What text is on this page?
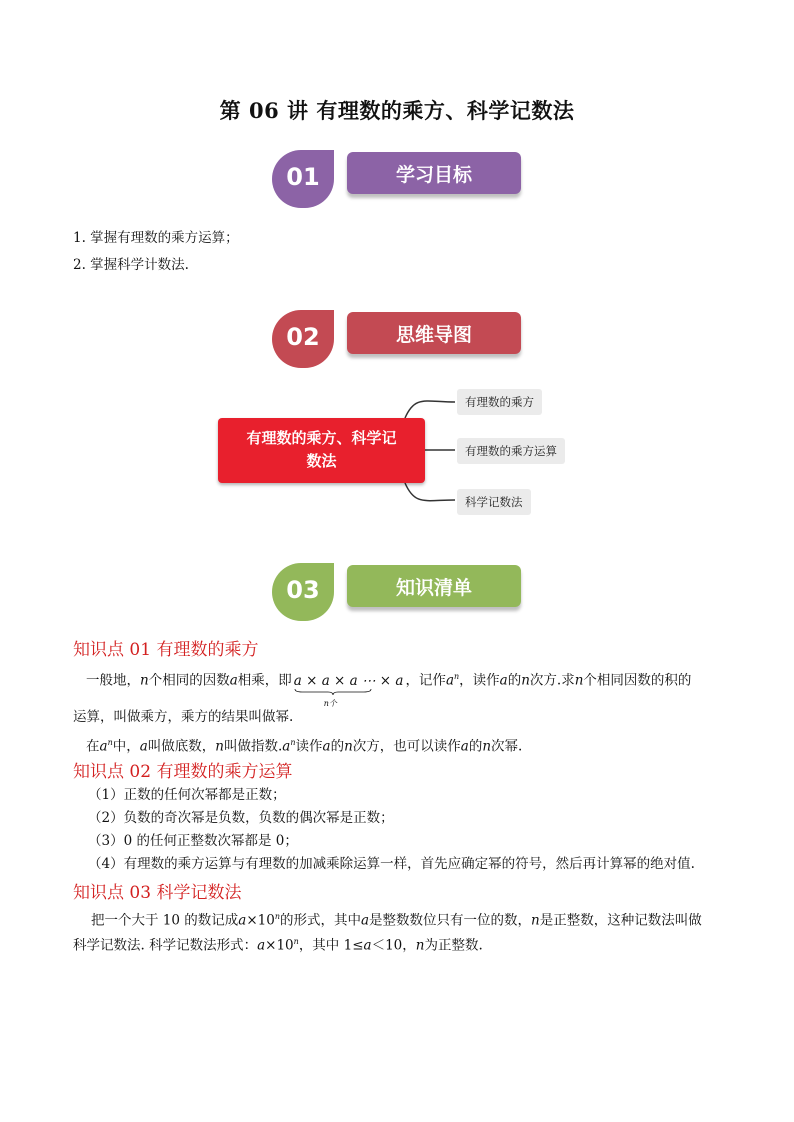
第 06 讲 有理数的乘方、科学记数法
01	学习目标
1. 掌握有理数的乘方运算；
2. 掌握科学计数法.
02	思维导图
有理数的乘方、科学记
数法
有理数的乘方
有理数的乘方运算
科学记数法
03	知识清单
知识点 01 有理数的乘方
一般地，n个相同的因数a相乘，即 a × a × a ⋯ × a
n个
，记作$a^n$，读作a的n次方.求n个相同因数的积的
运算，叫做乘方，乘方的结果叫做幂.
在$a^n$中，a叫做底数，n叫做指数$.a^n$读作a的n次方，也可以读作a的n次幂.
知识点 02 有理数的乘方运算
（1）正数的任何次幂都是正数；
（2）负数的奇次幂是负数，负数的偶次幂是正数；
（3）0 的任何正整数次幂都是 0；
（4）有理数的乘方运算与有理数的加减乘除运算一样，首先应确定幂的符号，然后再计算幂的绝对值.
知识点 03 科学记数法
把一个大于 10 的数记成$a\times 10^n$的形式，其中a是整数数位只有一位的数，n是正整数，这种记数法叫做
科学记数法. 科学记数法形式：$a\times 10^n$，其中 1≤a＜10，n为正整数.
